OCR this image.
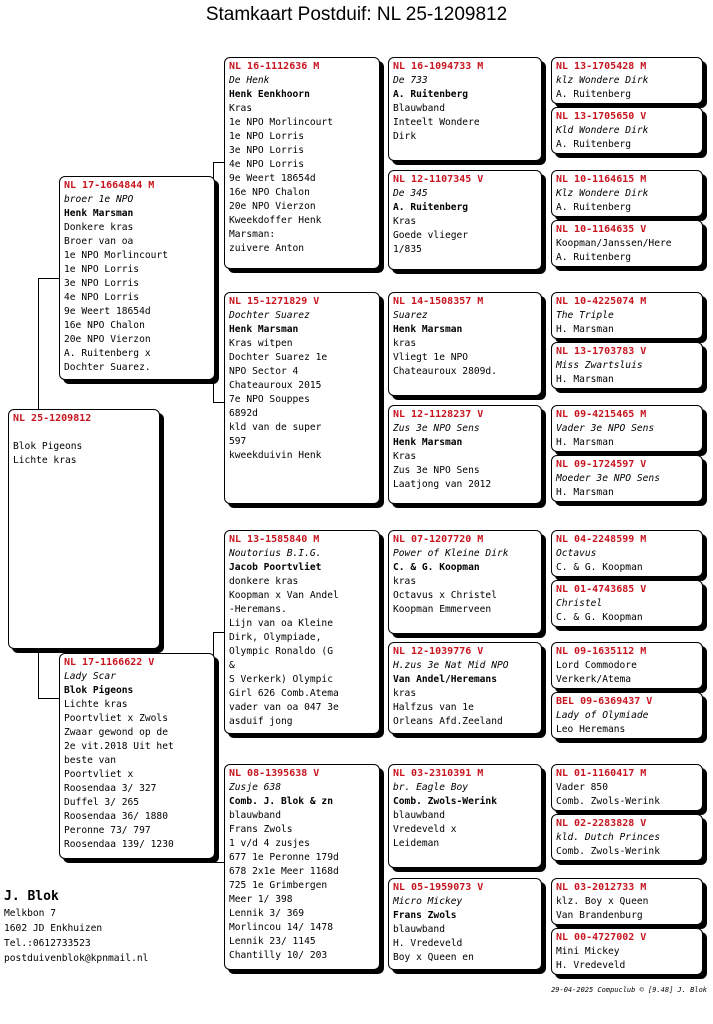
Stamkaart Postduif: NL 25-1209812
NL 25-1209812

Blok Pigeons
Lichte kras
NL 17-1664844 M
broer 1e NPO
Henk Marsman
Donkere kras
Broer van oa
1e NPO Morlincourt
1e NPO Lorris
3e NPO Lorris
4e NPO Lorris
9e Weert 18654d
16e NPO Chalon
20e NPO Vierzon
A. Ruitenberg x
Dochter Suarez.
NL 17-1166622 V
Lady Scar
Blok Pigeons
Lichte kras
Poortvliet x Zwols
Zwaar gewond op de
2e vit.2018 Uit het
beste van
Poortvliet x
Roosendaa 3/ 327
Duffel 3/ 265
Roosendaa 36/ 1880
Peronne 73/ 797
Roosendaa 139/ 1230
NL 16-1112636 M
De Henk
Henk Eenkhoorn
Kras
1e NPO Morlincourt
1e NPO Lorris
3e NPO Lorris
4e NPO Lorris
9e Weert 18654d
16e NPO Chalon
20e NPO Vierzon
Kweekdoffer Henk
Marsman:
zuivere Anton
NL 15-1271829 V
Dochter Suarez
Henk Marsman
Kras witpen
Dochter Suarez 1e
NPO Sector 4
Chateauroux 2015
7e NPO Souppes
6892d
kld van de super
597
kweekduivin Henk
NL 13-1585840 M
Noutorius B.I.G.
Jacob Poortvliet
donkere kras
Koopman x Van Andel
-Heremans.
Lijn van oa Kleine
Dirk, Olympiade,
Olympic Ronaldo (G
&
S Verkerk) Olympic
Girl 626 Comb.Atema
vader van oa 047 3e
asduif jong
NL 08-1395638 V
Zusje 638
Comb. J. Blok & zn
blauwband
Frans Zwols
1 v/d 4 zusjes
677 1e Peronne 179d
678 2x1e Meer 1168d
725 1e Grimbergen
Meer 1/ 398
Lennik 3/ 369
Morlincou 14/ 1478
Lennik 23/ 1145
Chantilly 10/ 203
NL 16-1094733 M
De 733
A. Ruitenberg
Blauwband
Inteelt Wondere
Dirk
NL 12-1107345 V
De 345
A. Ruitenberg
Kras
Goede vlieger
1/835
NL 14-1508357 M
Suarez
Henk Marsman
kras
Vliegt 1e NPO
Chateauroux 2809d.
NL 12-1128237 V
Zus 3e NPO Sens
Henk Marsman
Kras
Zus 3e NPO Sens
Laatjong van 2012
NL 07-1207720 M
Power of Kleine Dirk
C. & G. Koopman
kras
Octavus x Christel
Koopman Emmerveen
NL 12-1039776 V
H.zus 3e Nat Mid NPO
Van Andel/Heremans
kras
Halfzus van 1e
Orleans Afd.Zeeland
NL 03-2310391 M
br. Eagle Boy
Comb. Zwols-Werink
blauwband
Vredeveld x
Leideman
NL 05-1959073 V
Micro Mickey
Frans Zwols
blauwband
H. Vredeveld
Boy x Queen en
NL 13-1705428 M
klz Wondere Dirk
A. Ruitenberg
NL 13-1705650 V
Kld Wondere Dirk
A. Ruitenberg
NL 10-1164615 M
Klz Wondere Dirk
A. Ruitenberg
NL 10-1164635 V
Koopman/Janssen/Here
A. Ruitenberg
NL 10-4225074 M
The Triple
H. Marsman
NL 13-1703783 V
Miss Zwartsluis
H. Marsman
NL 09-4215465 M
Vader 3e NPO Sens
H. Marsman
NL 09-1724597 V
Moeder 3e NPO Sens
H. Marsman
NL 04-2248599 M
Octavus
C. & G. Koopman
NL 01-4743685 V
Christel
C. & G. Koopman
NL 09-1635112 M
Lord Commodore
Verkerk/Atema
BEL 09-6369437 V
Lady of Olymiade
Leo Heremans
NL 01-1160417 M
Vader 850
Comb. Zwols-Werink
NL 02-2283828 V
kld. Dutch Princes
Comb. Zwols-Werink
NL 03-2012733 M
klz. Boy x Queen
Van Brandenburg
NL 00-4727002 V
Mini Mickey
H. Vredeveld
J. Blok
Melkbon 7
1602 JD Enkhuizen
Tel.:0612733523
postduivenblok@kpnmail.nl
29-04-2025 Compuclub © [9.48] J. Blok
